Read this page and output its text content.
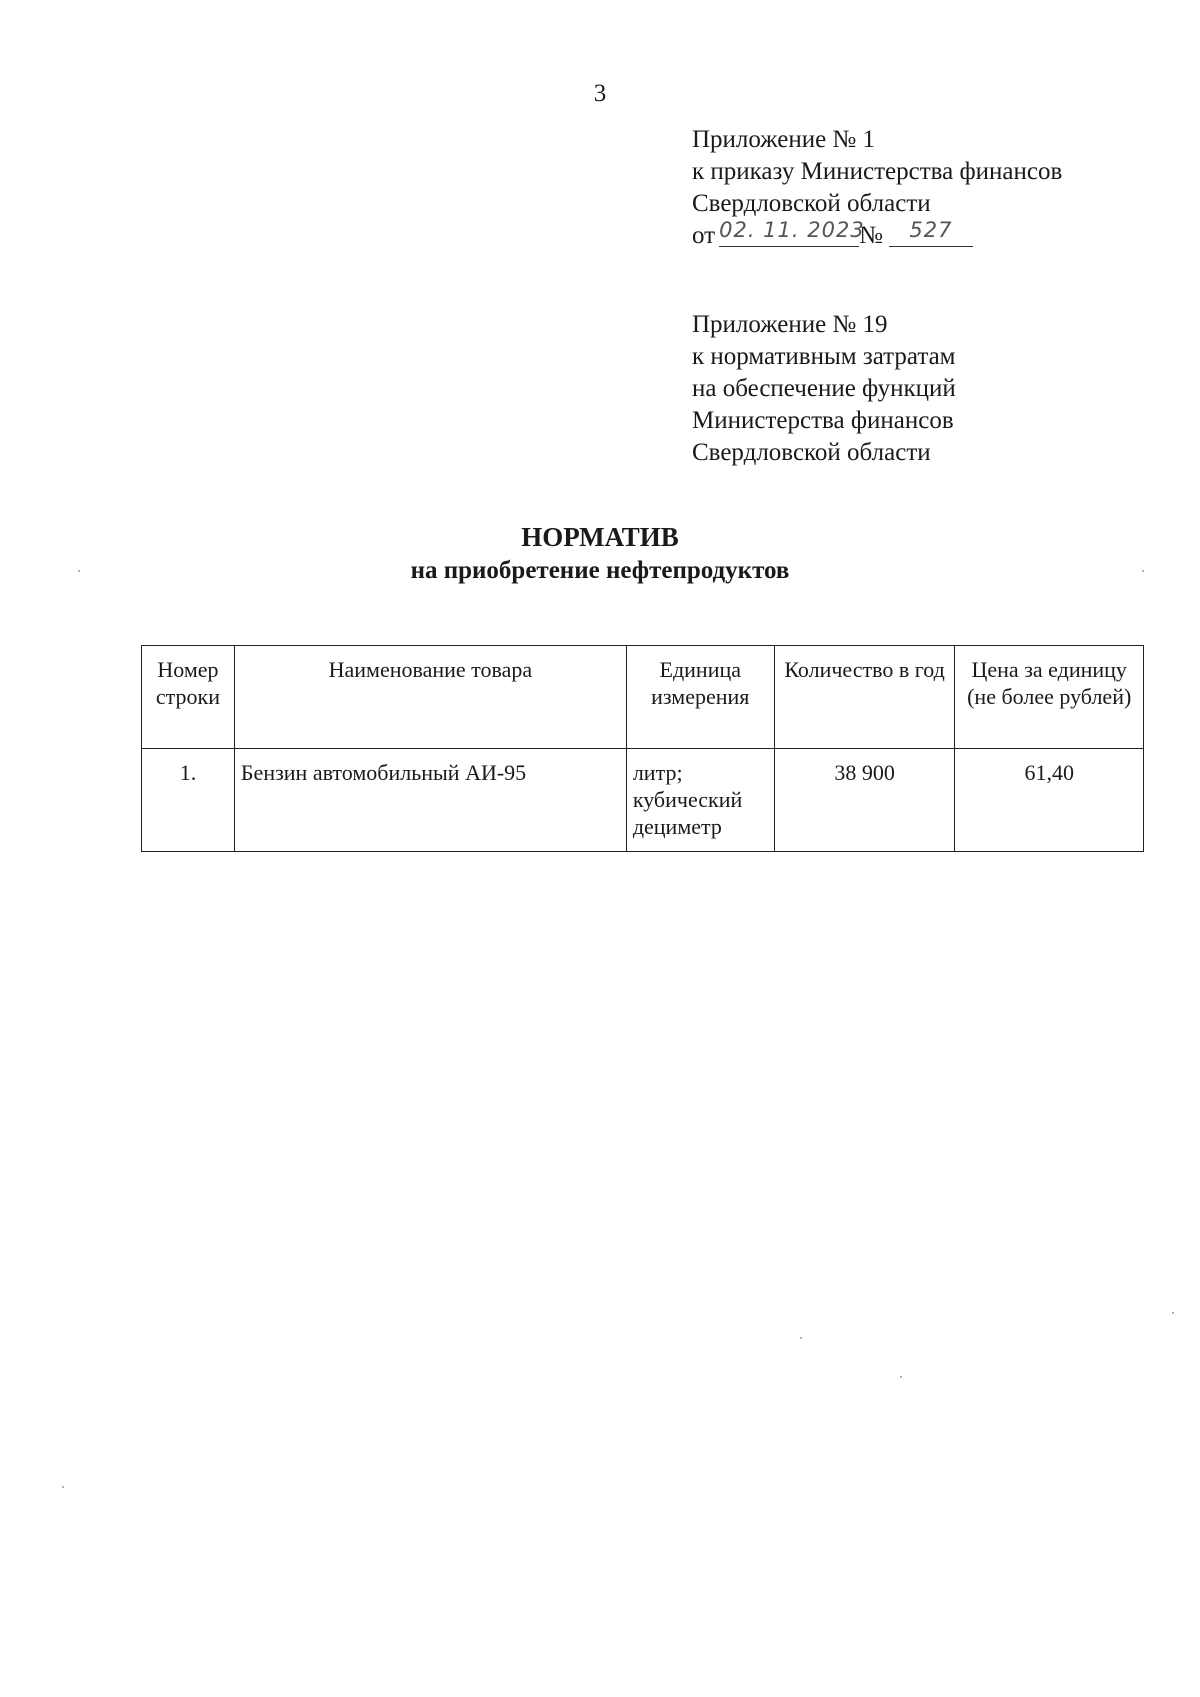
3
Приложение № 1
к приказу Министерства финансов
Свердловской области
от $^{02. 11. 2023}$№ $^{527}$
Приложение № 19
к нормативным затратам
на обеспечение функций
Министерства финансов
Свердловской области
НОРМАТИВ
на приобретение нефтепродуктов
Номер строки	Наименование товара	Единица измерения	Количество в год	Цена за единицу (не более рублей)
1.	Бензин автомобильный АИ-95	литр; кубический дециметр	38 900	61,40
